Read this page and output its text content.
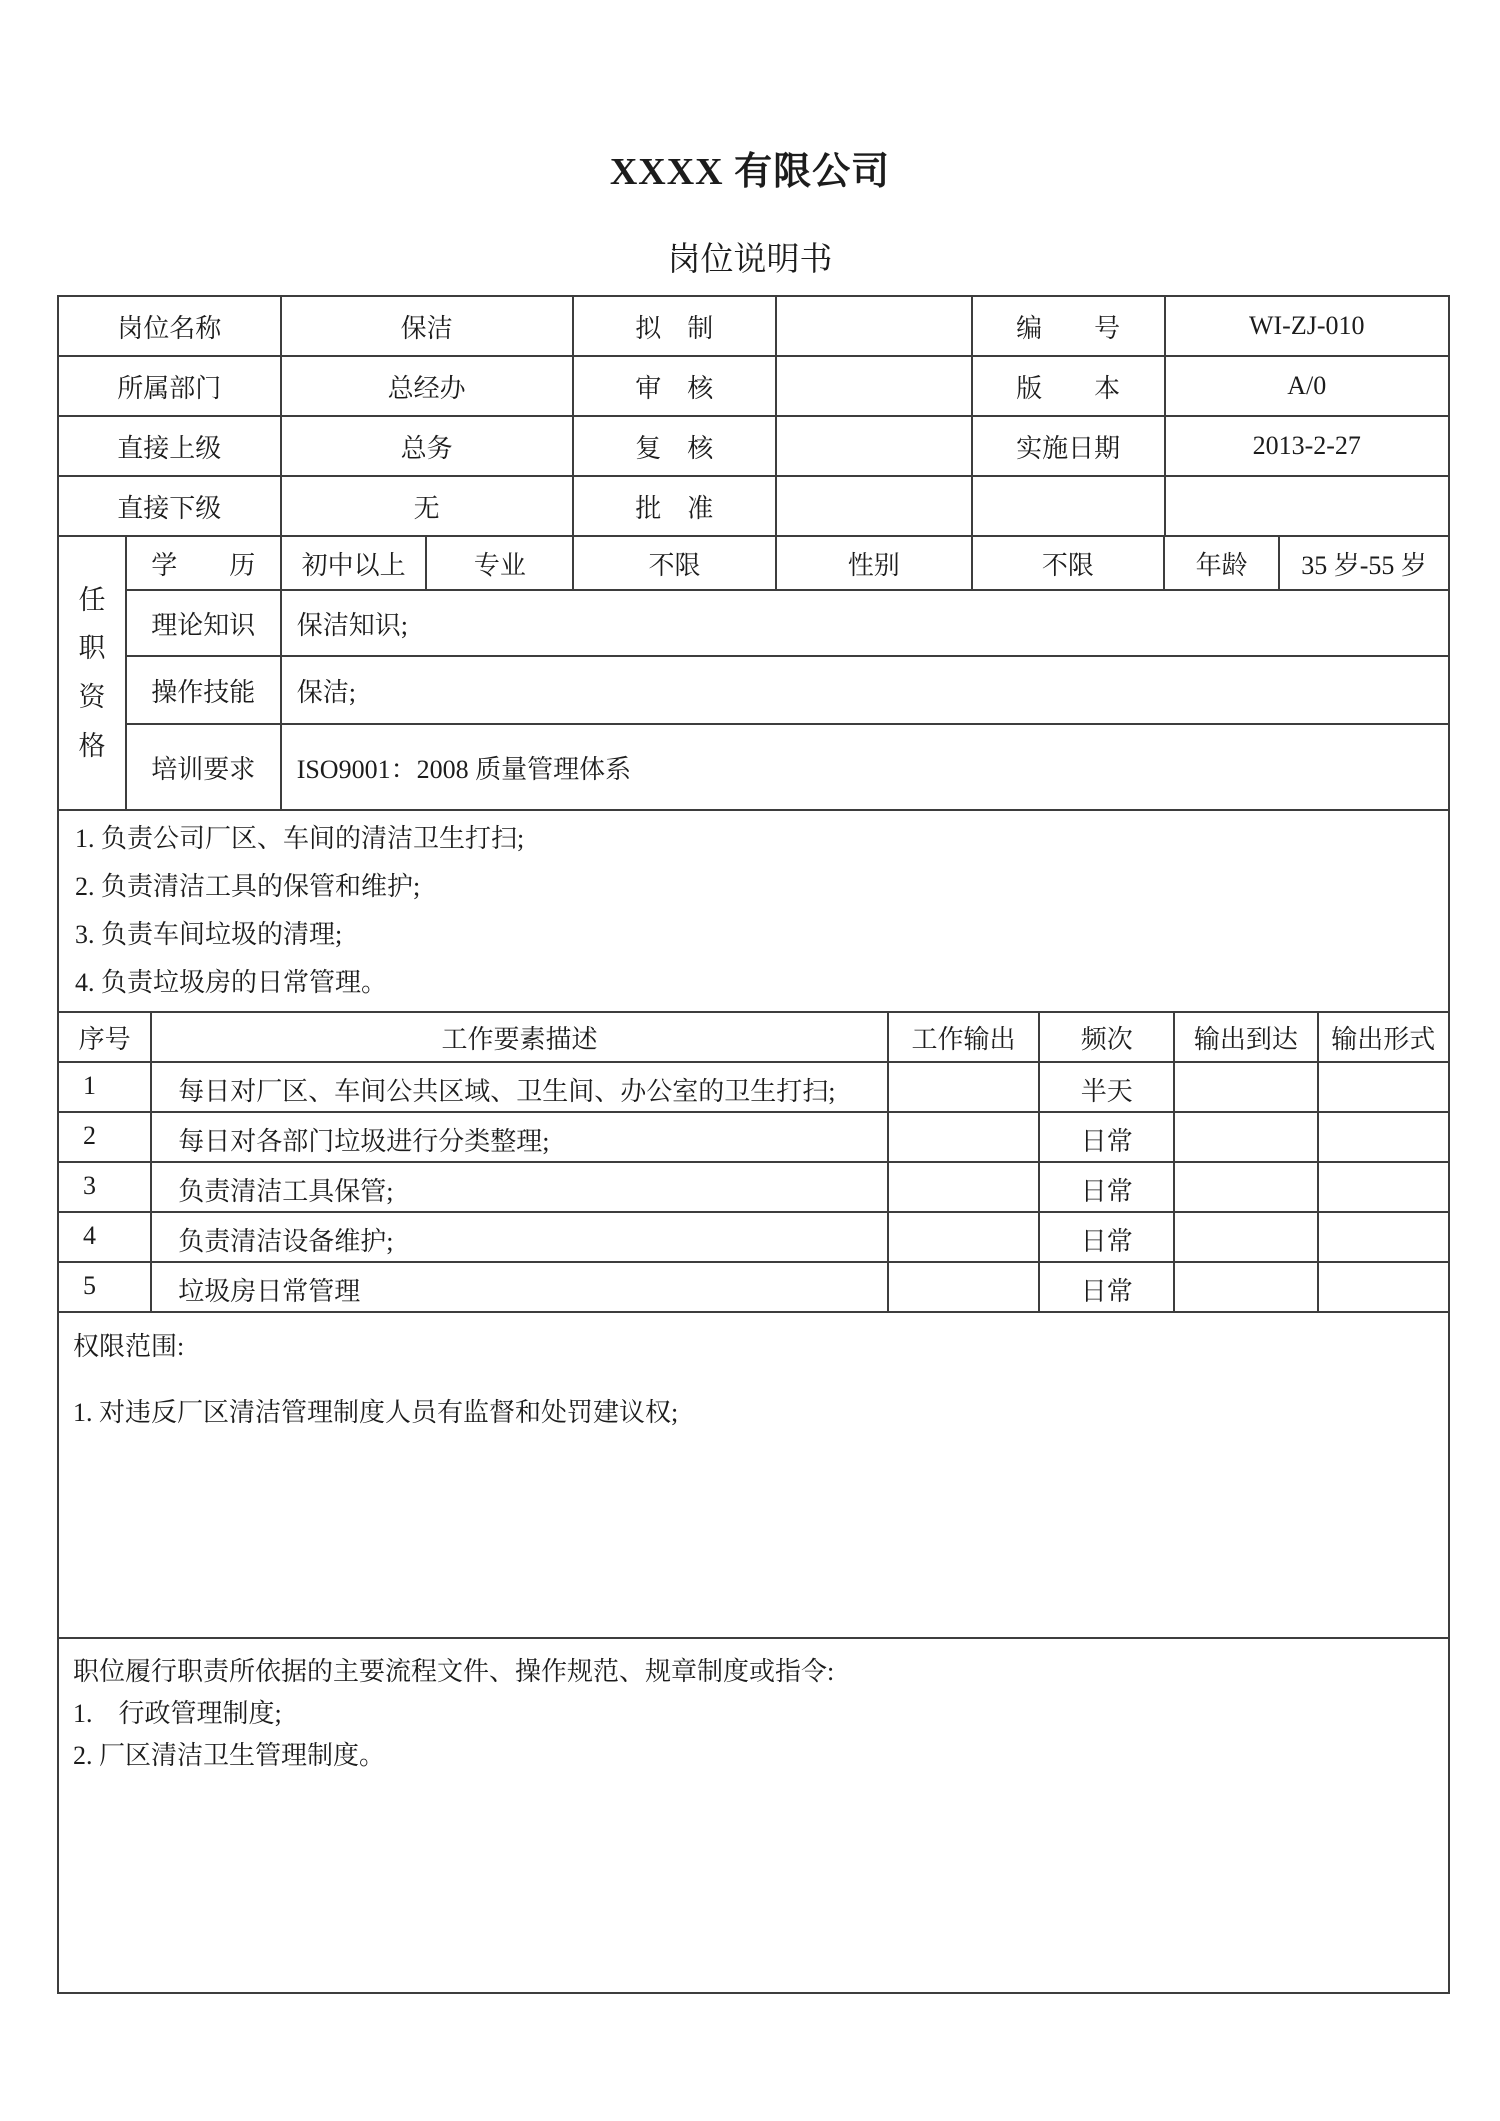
XXXX 有限公司
岗位说明书
岗位名称	保洁	拟　制		编　　号	WI-ZJ-010
所属部门	总经办	审　核		版　　本	A/0
直接上级	总务	复　核		实施日期	2013-2-27
直接下级	无	批　准			
任职资格	学　　历	初中以上	专业	不限	性别	不限	年龄	35 岁-55 岁
	理论知识	保洁知识;						
	操作技能	保洁;						
	培训要求	ISO9001：2008 质量管理体系						
1. 负责公司厂区、车间的清洁卫生打扫;
2. 负责清洁工具的保管和维护;
3. 负责车间垃圾的清理;
4. 负责垃圾房的日常管理。
序号	工作要素描述	工作输出	频次	输出到达	输出形式
1	每日对厂区、车间公共区域、卫生间、办公室的卫生打扫;		半天		
2	每日对各部门垃圾进行分类整理;		日常		
3	负责清洁工具保管;		日常		
4	负责清洁设备维护;		日常		
5	垃圾房日常管理		日常		
权限范围:
1. 对违反厂区清洁管理制度人员有监督和处罚建议权;
职位履行职责所依据的主要流程文件、操作规范、规章制度或指令:
1.　行政管理制度;
2. 厂区清洁卫生管理制度。
